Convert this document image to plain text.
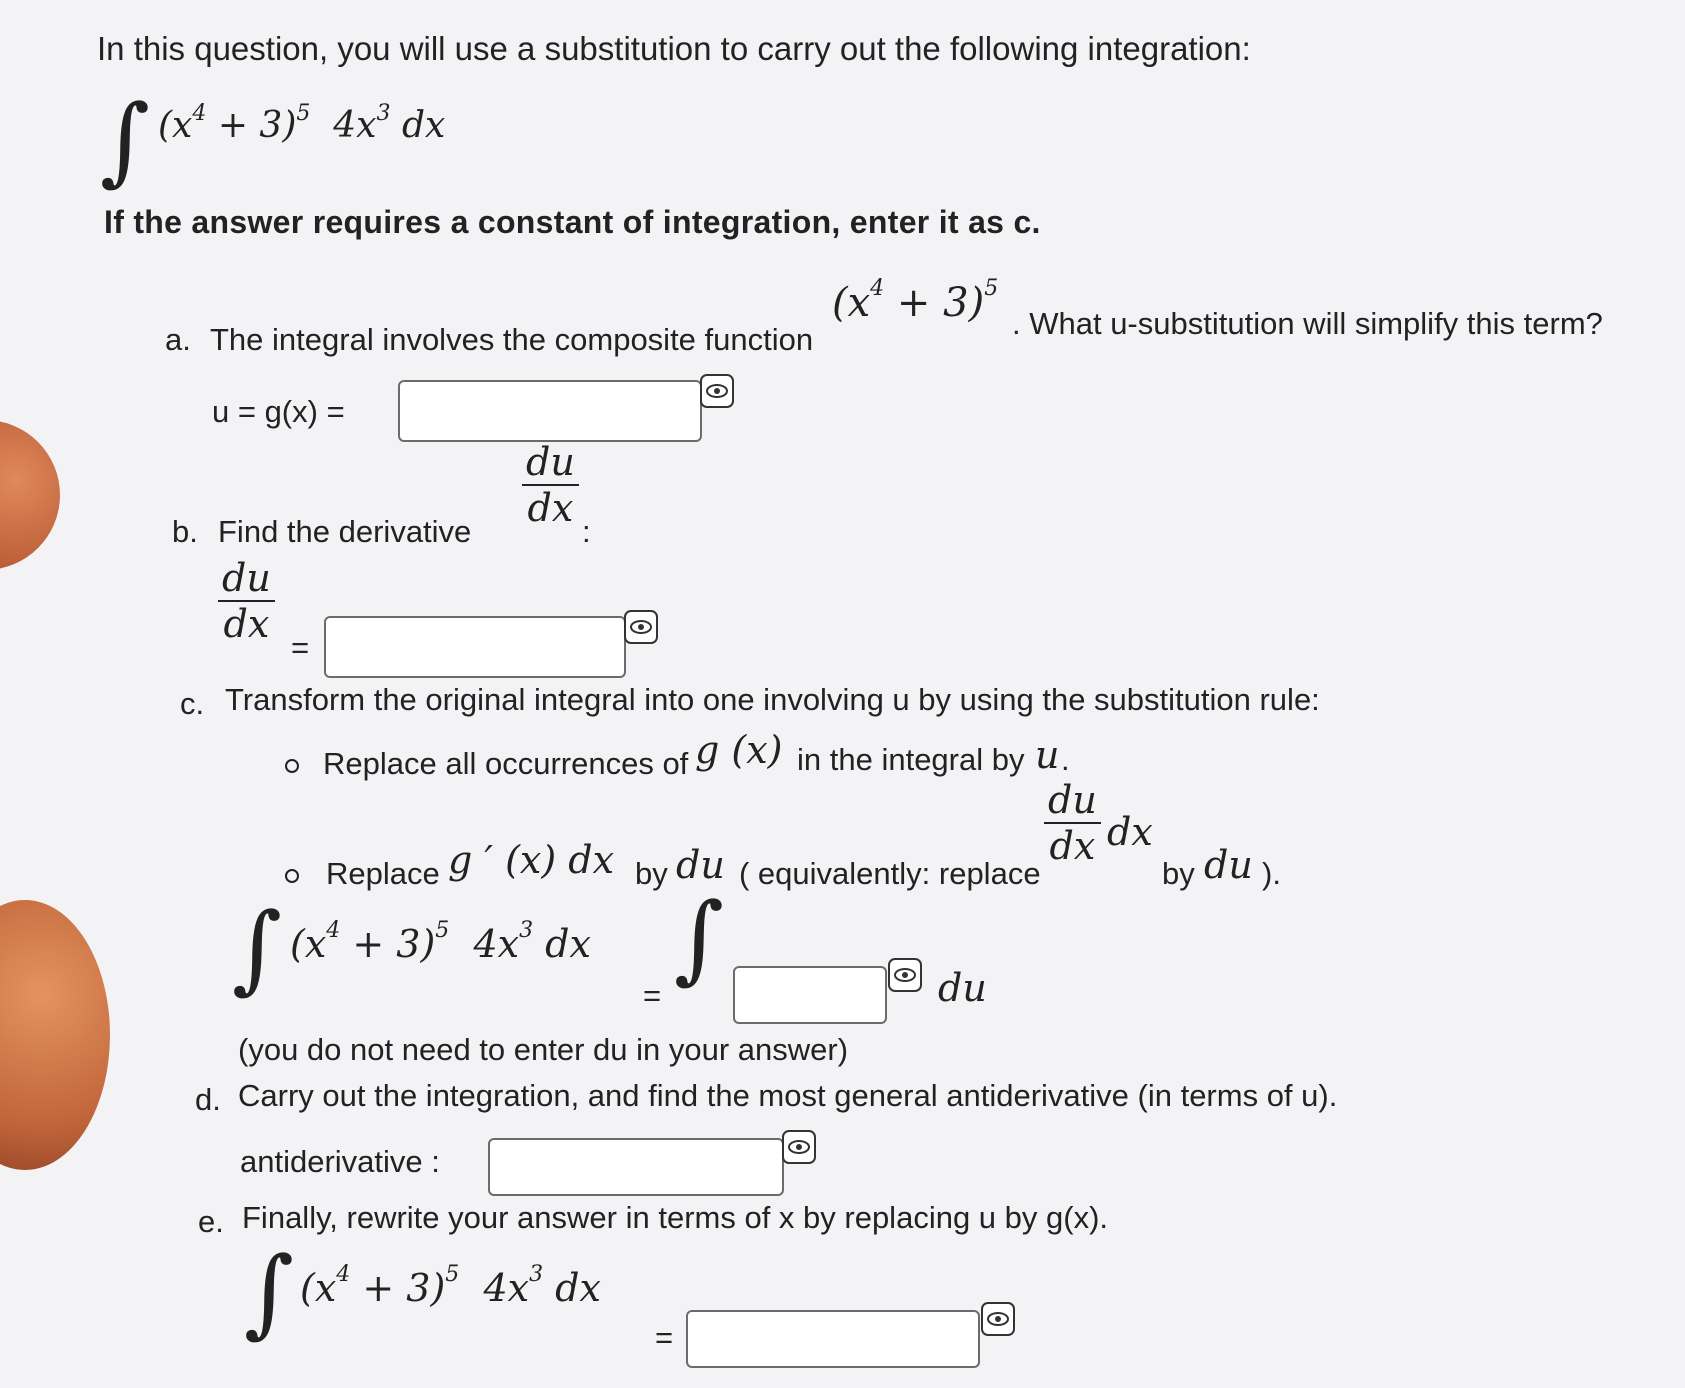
In this question, you will use a substitution to carry out the following integration:
∫ $(x^4 + 3)^5$ $4x^3$ dx
If the answer requires a constant of integration, enter it as c.
a. The integral involves the composite function
$(x^4 + 3)^5$
. What u-substitution will simplify this term?
u = g(x) =
b. Find the derivative
$\frac{du}{dx}$
:
$\frac{du}{dx}$
=
c. Transform the original integral into one involving u by using the substitution rule:
Replace all occurrences of g (x) in the integral by u .
Replace g ′ (x) dx by du ( equivalently: replace
$\frac{du}{dx}$ dx
by du ).
∫ $(x^4 + 3)^5$ $4x^3$ dx
=
∫	du
(you do not need to enter du in your answer)
d. Carry out the integration, and find the most general antiderivative (in terms of u).
antiderivative :
e. Finally, rewrite your answer in terms of x by replacing u by g(x).
∫ $(x^4 + 3)^5$ $4x^3$ dx
=
